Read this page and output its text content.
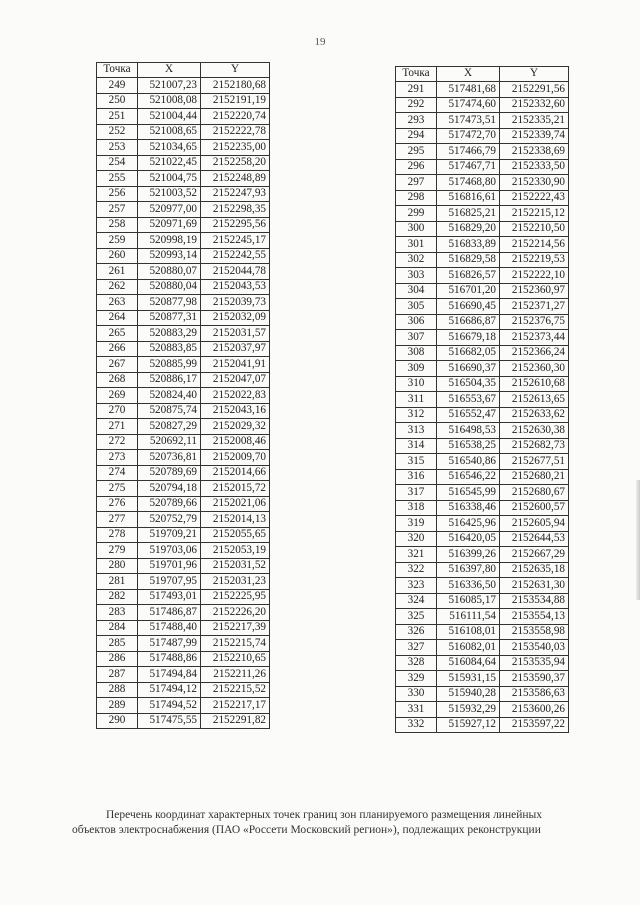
19
Точка	X	Y
249	521007,23	2152180,68
250	521008,08	2152191,19
251	521004,44	2152220,74
252	521008,65	2152222,78
253	521034,65	2152235,00
254	521022,45	2152258,20
255	521004,75	2152248,89
256	521003,52	2152247,93
257	520977,00	2152298,35
258	520971,69	2152295,56
259	520998,19	2152245,17
260	520993,14	2152242,55
261	520880,07	2152044,78
262	520880,04	2152043,53
263	520877,98	2152039,73
264	520877,31	2152032,09
265	520883,29	2152031,57
266	520883,85	2152037,97
267	520885,99	2152041,91
268	520886,17	2152047,07
269	520824,40	2152022,83
270	520875,74	2152043,16
271	520827,29	2152029,32
272	520692,11	2152008,46
273	520736,81	2152009,70
274	520789,69	2152014,66
275	520794,18	2152015,72
276	520789,66	2152021,06
277	520752,79	2152014,13
278	519709,21	2152055,65
279	519703,06	2152053,19
280	519701,96	2152031,52
281	519707,95	2152031,23
282	517493,01	2152225,95
283	517486,87	2152226,20
284	517488,40	2152217,39
285	517487,99	2152215,74
286	517488,86	2152210,65
287	517494,84	2152211,26
288	517494,12	2152215,52
289	517494,52	2152217,17
290	517475,55	2152291,82
Точка	X	Y
291	517481,68	2152291,56
292	517474,60	2152332,60
293	517473,51	2152335,21
294	517472,70	2152339,74
295	517466,79	2152338,69
296	517467,71	2152333,50
297	517468,80	2152330,90
298	516816,61	2152222,43
299	516825,21	2152215,12
300	516829,20	2152210,50
301	516833,89	2152214,56
302	516829,58	2152219,53
303	516826,57	2152222,10
304	516701,20	2152360,97
305	516690,45	2152371,27
306	516686,87	2152376,75
307	516679,18	2152373,44
308	516682,05	2152366,24
309	516690,37	2152360,30
310	516504,35	2152610,68
311	516553,67	2152613,65
312	516552,47	2152633,62
313	516498,53	2152630,38
314	516538,25	2152682,73
315	516540,86	2152677,51
316	516546,22	2152680,21
317	516545,99	2152680,67
318	516338,46	2152600,57
319	516425,96	2152605,94
320	516420,05	2152644,53
321	516399,26	2152667,29
322	516397,80	2152635,18
323	516336,50	2152631,30
324	516085,17	2153534,88
325	516111,54	2153554,13
326	516108,01	2153558,98
327	516082,01	2153540,03
328	516084,64	2153535,94
329	515931,15	2153590,37
330	515940,28	2153586,63
331	515932,29	2153600,26
332	515927,12	2153597,22

Перечень координат характерных точек границ зон планируемого размещения линейных

объектов электроснабжения (ПАО «Россети Московский регион»), подлежащих реконструкции
